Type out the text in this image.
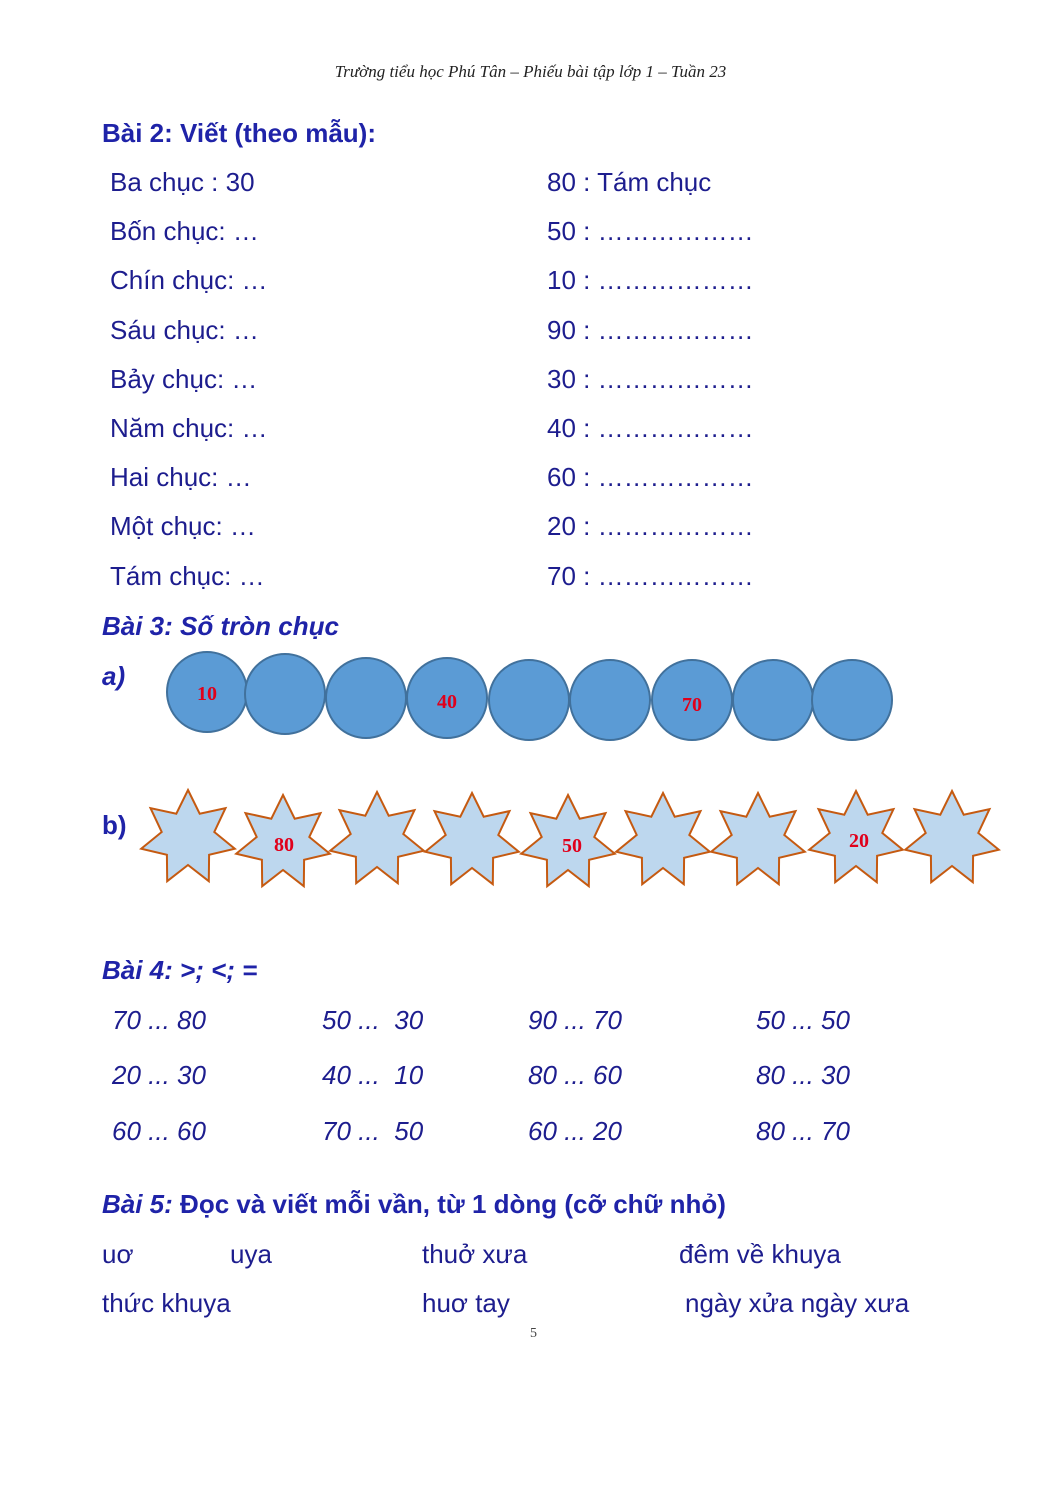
Trường tiểu học Phú Tân – Phiếu bài tập lớp 1 – Tuần 23
Bài 2: Viết (theo mẫu):
Ba chục : 30	80 : Tám chục
Bốn chục: …	50 : ………………
Chín chục: …	10 : ………………
Sáu chục: …	90 : ………………
Bảy chục: …	30 : ………………
Năm chục: …	40 : ………………
Hai chục: …	60 : ………………
Một chục: …	20 : ………………
Tám chục: …	70 : ………………
Bài 3: Số tròn chục
a)
b)
10	40	70
80	50	20
Bài 4: >; <; =
70 ... 80	50 ...  30	90 ... 70	50 ... 50
20 ... 30	40 ...  10	80 ... 60	80 ... 30
60 ... 60	70 ...  50	60 ... 20	80 ... 70
Bài 5: Đọc và viết mỗi vần, từ 1 dòng (cỡ chữ nhỏ)
uơ	uya	thuở xưa	đêm về khuya
thức khuya	huơ tay	ngày xửa ngày xưa
5
